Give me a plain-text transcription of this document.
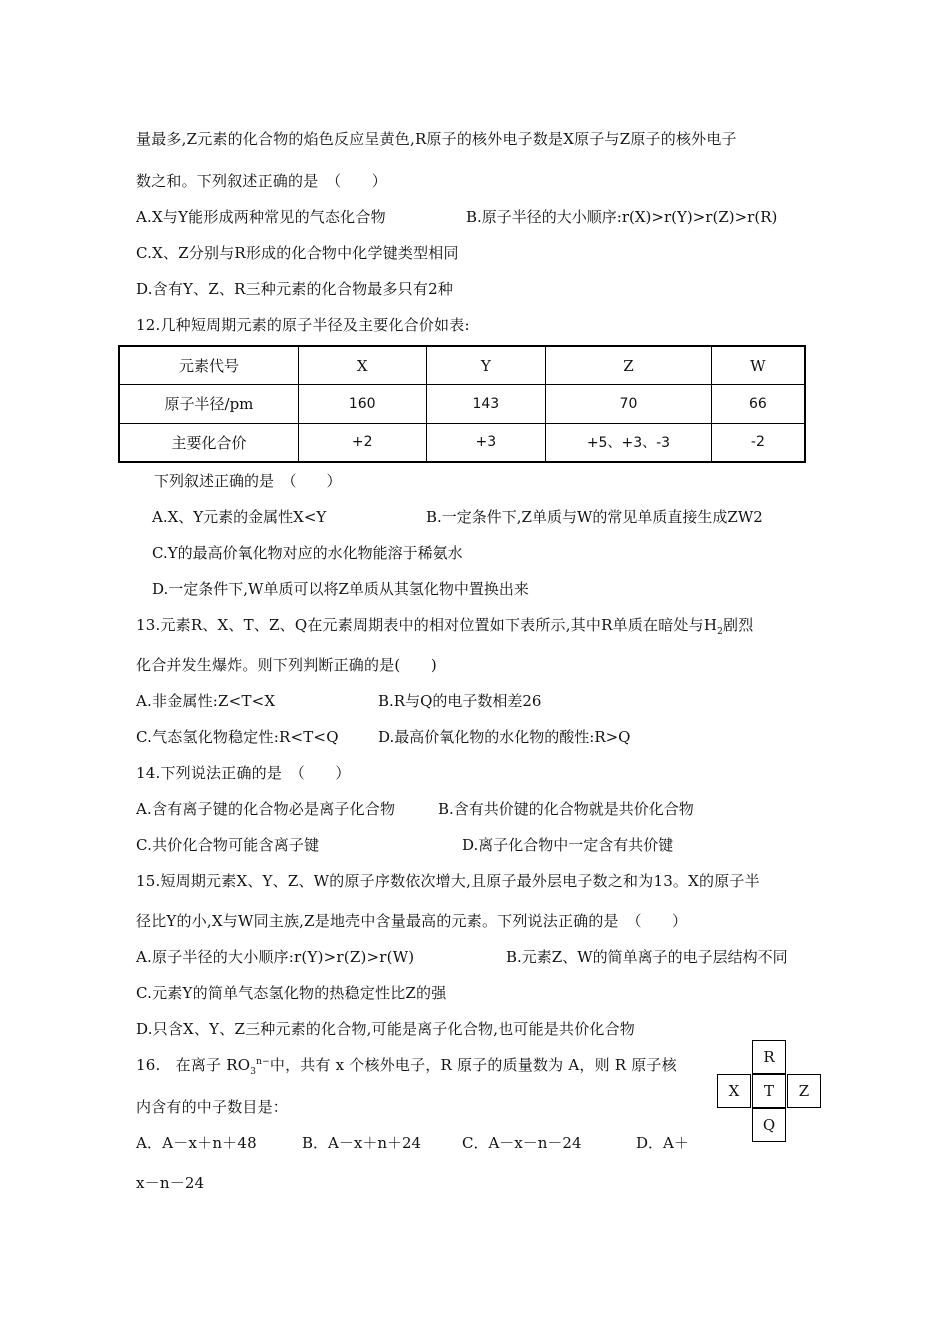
量最多,Z元素的化合物的焰色反应呈黄色,R原子的核外电子数是X原子与Z原子的核外电子
数之和。下列叙述正确的是　（　　）
A.X与Y能形成两种常见的气态化合物	B.原子半径的大小顺序:r(X)>r(Y)>r(Z)>r(R)
C.X、Z分别与R形成的化合物中化学键类型相同
D.含有Y、Z、R三种元素的化合物最多只有2种
12.几种短周期元素的原子半径及主要化合价如表:
元素代号	X	Y	Z	W
原子半径/pm	160	143	70	66
主要化合价	+2	+3	+5、+3、-3	-2
下列叙述正确的是　（　　）
A.X、Y元素的金属性X<Y	B.一定条件下,Z单质与W的常见单质直接生成ZW2
C.Y的最高价氧化物对应的水化物能溶于稀氨水
D.一定条件下,W单质可以将Z单质从其氢化物中置换出来
13.元素R、X、T、Z、Q在元素周期表中的相对位置如下表所示,其中R单质在暗处与$H_2$剧烈
化合并发生爆炸。则下列判断正确的是(　　)
A.非金属性:Z<T<X	B.R与Q的电子数相差26
C.气态氢化物稳定性:R<T<Q	D.最高价氧化物的水化物的酸性:R>Q
14.下列说法正确的是　（　　）
A.含有离子键的化合物必是离子化合物	B.含有共价键的化合物就是共价化合物
C.共价化合物可能含离子键	D.离子化合物中一定含有共价键
15.短周期元素X、Y、Z、W的原子序数依次增大,且原子最外层电子数之和为13。X的原子半
径比Y的小,X与W同主族,Z是地壳中含量最高的元素。下列说法正确的是　（　　）
A.原子半径的大小顺序:r(Y)>r(Z)>r(W)	B.元素Z、W的简单离子的电子层结构不同
C.元素Y的简单气态氢化物的热稳定性比Z的强
D.只含X、Y、Z三种元素的化合物,可能是离子化合物,也可能是共价化合物
16.　在离子 $RO_3^{n-}$中，共有 x 个核外电子，R 原子的质量数为 A，则 R 原子核
内含有的中子数目是：
A．A－x＋n＋48	B．A－x＋n＋24	C．A－x－n－24	D．A＋
x－n－24
R
X	T	Z
Q
